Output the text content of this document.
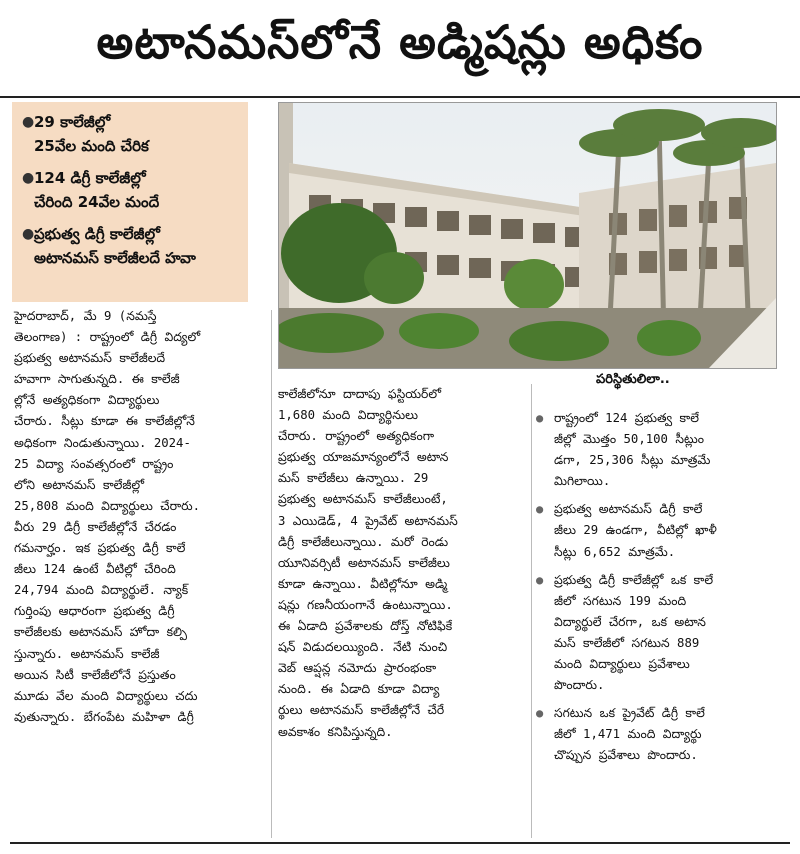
అటానమస్‌లోనే అడ్మిషన్లు అధికం
● 29 కాలేజీల్లో
25వేల మంది చేరిక
● 124 డిగ్రీ కాలేజీల్లో
చేరింది 24వేల మందే
● ప్రభుత్వ డిగ్రీ కాలేజీల్లో
అటానమస్ కాలేజీలదే హవా
పరిస్థితులిలా..
హైదరాబాద్, మే 9 (నమస్తే
తెలంగాణ) : రాష్ట్రంలో డిగ్రీ విద్యలో
ప్రభుత్వ అటానమస్ కాలేజీలదే
హవాగా సాగుతున్నది. ఈ కాలేజీ
ల్లోనే అత్యధికంగా విద్యార్థులు
చేరారు. సీట్లు కూడా ఈ కాలేజీల్లోనే
అధికంగా నిండుతున్నాయి. 2024-
25 విద్యా సంవత్సరంలో రాష్ట్రం
లోని అటానమస్ కాలేజీల్లో
25,808 మంది విద్యార్థులు చేరారు.
వీరు 29 డిగ్రీ కాలేజీల్లోనే చేరడం
గమనార్హం. ఇక ప్రభుత్వ డిగ్రీ కాలే
జీలు 124 ఉంటే వీటిల్లో చేరింది
24,794 మంది విద్యార్థులే. న్యాక్
గుర్తింపు ఆధారంగా ప్రభుత్వ డిగ్రీ
కాలేజీలకు అటానమస్ హోదా కల్పి
స్తున్నారు. అటానమస్ కాలేజీ
అయిన సిటీ కాలేజీలోనే ప్రస్తుతం
మూడు వేల మంది విద్యార్థులు చదు
వుతున్నారు. బేగంపేట మహిళా డిగ్రీ
కాలేజీలోనూ దాదాపు ఫస్టియర్‌లో
1,680 మంది విద్యార్థినులు
చేరారు. రాష్ట్రంలో అత్యధికంగా
ప్రభుత్వ యాజమాన్యంలోనే అటాన
మస్ కాలేజీలు ఉన్నాయి. 29
ప్రభుత్వ అటానమస్ కాలేజీలుంటే,
3 ఎయిడెడ్, 4 ప్రైవేట్ అటానమస్
డిగ్రీ కాలేజీలున్నాయి. మరో రెండు
యూనివర్సిటీ అటానమస్ కాలేజీలు
కూడా ఉన్నాయి. వీటిల్లోనూ అడ్మి
షన్లు గణనీయంగానే ఉంటున్నాయి.
ఈ ఏడాది ప్రవేశాలకు దోస్త్ నోటిఫికే
షన్ విడుదలయ్యింది. నేటి నుంచి
వెబ్ ఆప్షన్ల నమోదు ప్రారంభంకా
నుంది. ఈ ఏడాది కూడా విద్యా
ర్థులు అటానమస్ కాలేజీల్లోనే చేరే
అవకాశం కనిపిస్తున్నది.
● రాష్ట్రంలో 124 ప్రభుత్వ కాలే
జీల్లో మొత్తం 50,100 సీట్లుం
డగా, 25,306 సీట్లు మాత్రమే
మిగిలాయి.
● ప్రభుత్వ అటానమస్ డిగ్రీ కాలే
జీలు 29 ఉండగా, వీటిల్లో ఖాళీ
సీట్లు 6,652 మాత్రమే.
● ప్రభుత్వ డిగ్రీ కాలేజీల్లో ఒక కాలే
జీలో సగటున 199 మంది
విద్యార్థులే చేరగా, ఒక అటాన
మస్ కాలేజీలో సగటున 889
మంది విద్యార్థులు ప్రవేశాలు
పొందారు.
● సగటున ఒక ప్రైవేట్ డిగ్రీ కాలే
జీలో 1,471 మంది విద్యార్థు
చొప్పున ప్రవేశాలు పొందారు.
